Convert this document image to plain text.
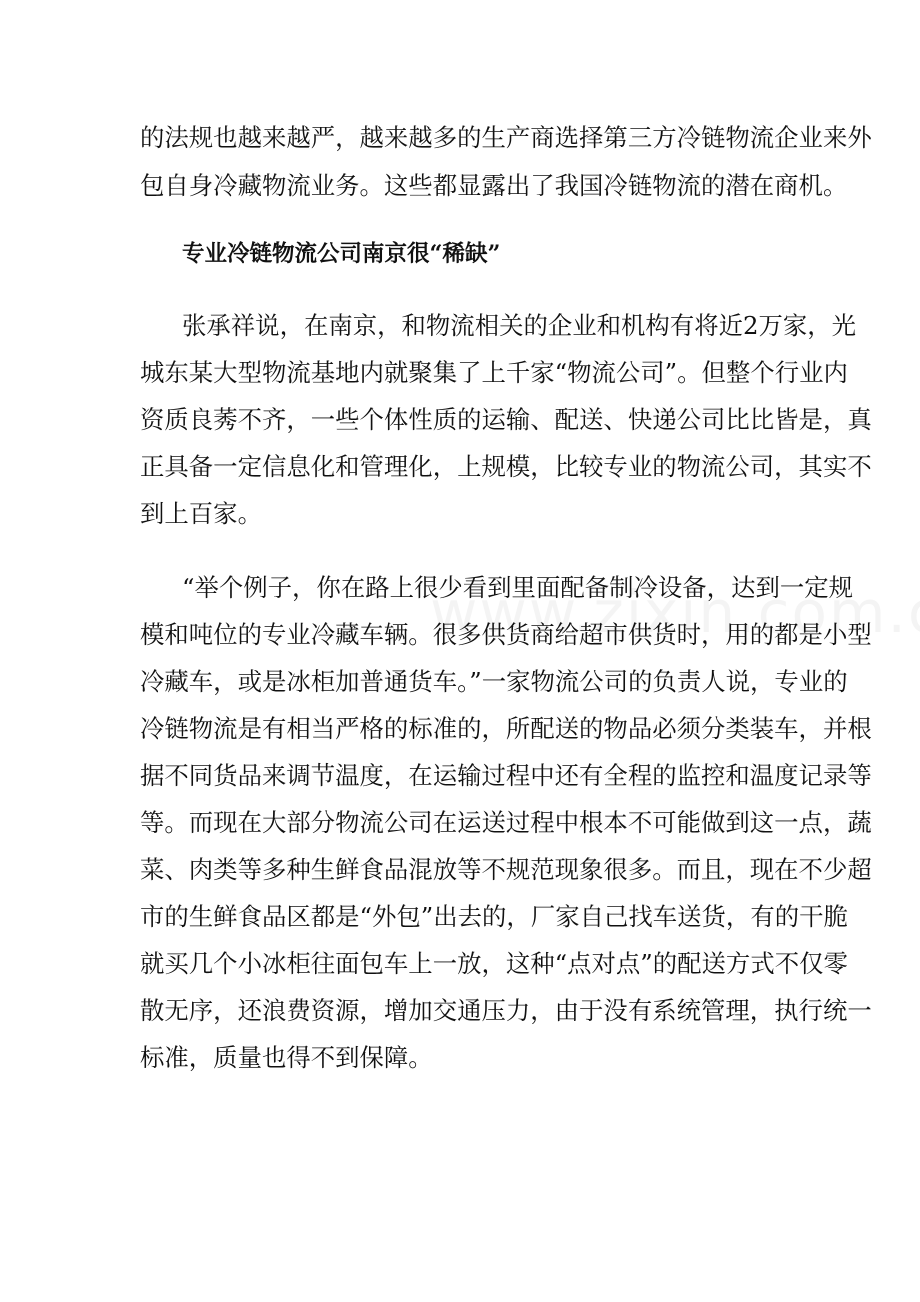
的法规也越来越严，越来越多的生产商选择第三方冷链物流企业来外
包自身冷藏物流业务。这些都显露出了我国冷链物流的潜在商机。
专业冷链物流公司南京很“稀缺”
张承祥说，在南京，和物流相关的企业和机构有将近2万家，光
城东某大型物流基地内就聚集了上千家“物流公司”。但整个行业内
资质良莠不齐，一些个体性质的运输、配送、快递公司比比皆是，真
正具备一定信息化和管理化，上规模，比较专业的物流公司，其实不
到上百家。
“举个例子，你在路上很少看到里面配备制冷设备，达到一定规
模和吨位的专业冷藏车辆。很多供货商给超市供货时，用的都是小型
冷藏车，或是冰柜加普通货车。”一家物流公司的负责人说，专业的
冷链物流是有相当严格的标准的，所配送的物品必须分类装车，并根
据不同货品来调节温度，在运输过程中还有全程的监控和温度记录等
等。而现在大部分物流公司在运送过程中根本不可能做到这一点，蔬
菜、肉类等多种生鲜食品混放等不规范现象很多。而且，现在不少超
市的生鲜食品区都是“外包”出去的，厂家自己找车送货，有的干脆
就买几个小冰柜往面包车上一放，这种“点对点”的配送方式不仅零
散无序，还浪费资源，增加交通压力，由于没有系统管理，执行统一
标准，质量也得不到保障。
